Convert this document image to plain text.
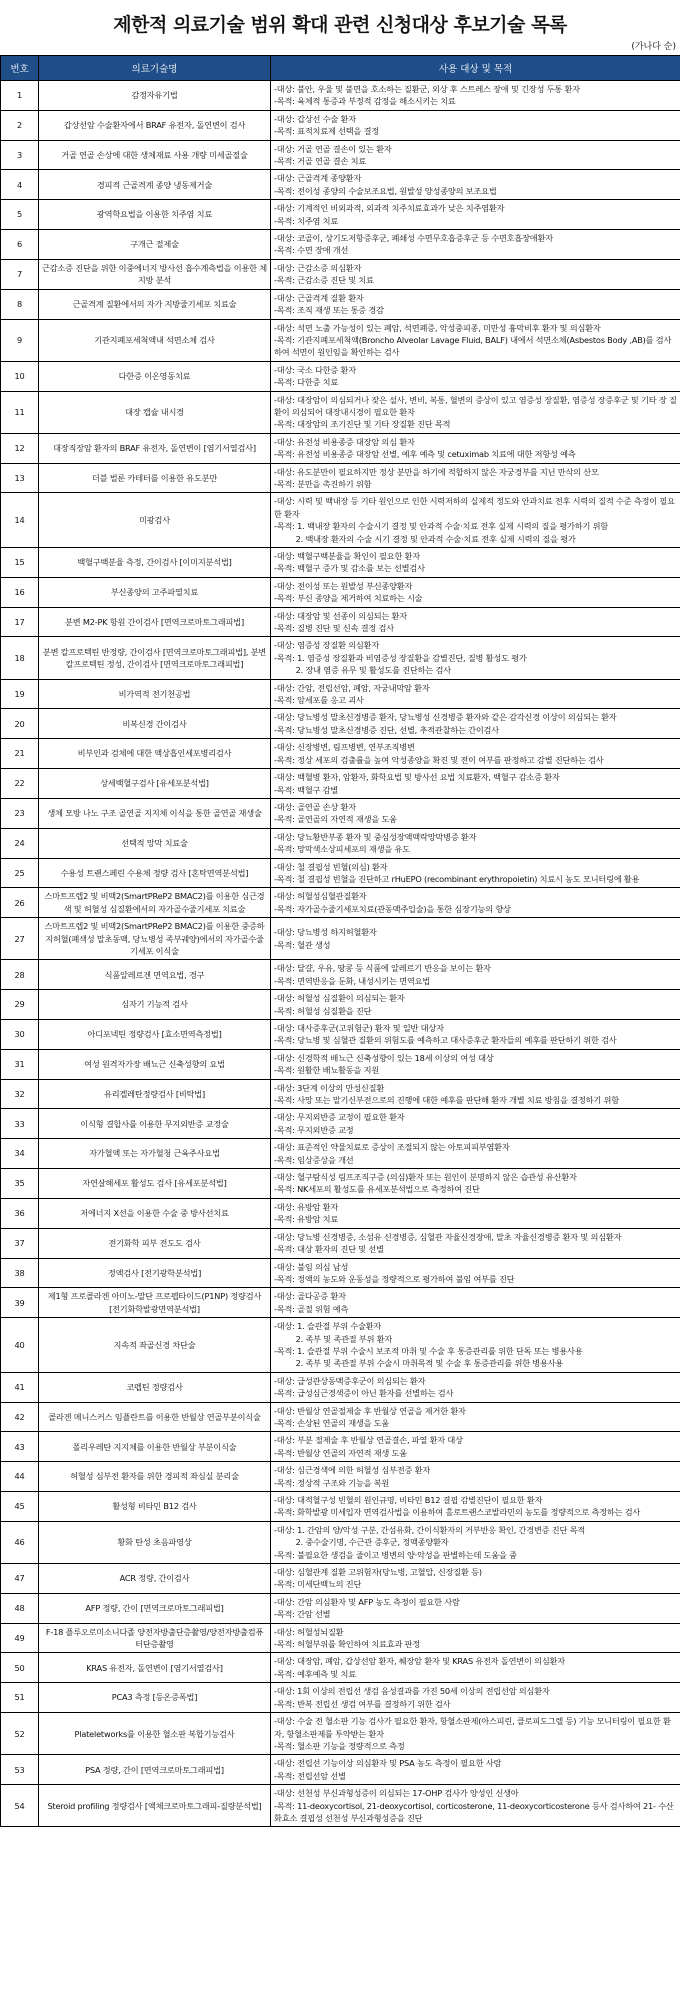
제한적 의료기술 범위 확대 관련 신청대상 후보기술 목록
(가나다 순)
번호	의료기술명	사용 대상 및 목적
1	감정자유기법	-대상: 불안, 우울 및 불면을 호소하는 질환군, 외상 후 스트레스 장애 및 긴장성 두통 환자
-목적: 육체적 통증과 부정적 감정을 해소시키는 치료

2	갑상선암 수술환자에서 BRAF 유전자, 돌연변이 검사	-대상: 갑상선 수술 환자
-목적: 표적치료제 선택을 결정

3	거골 연골 손상에 대한 생체재료 사용 개량 미세골절술	-대상: 거골 연골 결손이 있는 환자
-목적: 거골 연골 결손 치료

4	경피적 근골격계 종양 냉동제거술	-대상: 근골격계 종양환자
-목적: 전이성 종양의 수술보조요법, 원발성 양성종양의 보조요법

5	광역학요법을 이용한 치주염 치료	-대상: 기계적인 비외과적, 외과적 치주치료효과가 낮은 치주염환자
-목적: 치주염 치료

6	구개근 절제술	-대상: 코골이, 상기도저항증후군, 폐쇄성 수면무호흡증후군 등 수면호흡장애환자
-목적: 수면 장애 개선

7	근감소증 진단을 위한 이중에너지 방사선 흡수계측법을 이용한 체지방 분석	-대상: 근감소증 의심환자
-목적: 근감소증 진단 및 치료

8	근골격계 질환에서의 자가 지방줄기세포 치료술	-대상: 근골격계 질환 환자
-목적: 조직 재생 또는 통증 경감

9	기관지폐포세척액내 석면소체 검사	-대상: 석면 노출 가능성이 있는 폐암, 석면폐증, 악성중피종, 미만성 흉막비후 환자 및 의심환자
-목적: 기관지폐포세척액(Broncho Alveolar Lavage Fluid, BALF) 내에서 석면소체(Asbestos Body ,AB)를 검사하여 석면이 원인임을 확인하는 검사

10	다한증 이온영동치료	-대상: 국소 다한증 환자
-목적: 다한증 치료

11	대장 캡슐 내시경	-대상: 대장암이 의심되거나 잦은 설사, 변비, 복통, 혈변의 증상이 있고 염증성 장질환, 염증성 장증후군 및 기타 장 질환이 의심되어 대장내시경이 필요한 환자
-목적: 대장암의 조기진단 및 기타 장질환 진단 목적

12	대장직장암 환자의 BRAF 유전자, 돌연변이 [염기서열검사]	-대상: 유전성 비용종증 대장암 의심 환자
-목적: 유전성 비용종증 대장암 선별, 예후 예측 및 cetuximab 치료에 대한 저항성 예측

13	더블 벌룬 카테터를 이용한 유도분만	-대상: 유도분만이 필요하지만 정상 분만을 하기에 적합하지 않은 자궁경부를 지닌 만삭의 산모
-목적: 분만을 촉진하기 위함

14	미광검사	-대상: 시력 및 백내장 등 기타 원인으로 인한 시력저하의 실제적 정도와 안과치료 전후 시력의 질적 수준 측정이 필요한 환자
-목적: 1. 백내장 환자의 수술시기 결정 및 안과적 수술·치료 전후 실제 시력의 질을 평가하기 위함
2. 백내장 환자의 수술 시기 결정 및 안과적 수술·치료 전후 실제 시력의 질을 평가

15	백혈구백분율 측정, 간이검사 [이미지분석법]	-대상: 백혈구백분율을 확인이 필요한 환자
-목적: 백혈구 증가 및 감소를 보는 선별검사

16	부신종양의 고주파열치료	-대상: 전이성 또는 원발성 부신종양환자
-목적: 부신 종양을 제거하여 치료하는 시술

17	분변 M2-PK 항원 간이검사 [면역크로마토그래피법]	-대상: 대장암 및 선종이 의심되는 환자
-목적: 질병 진단 및 신속 결정 검사

18	분변 칼프로텍틴 반정량, 간이검사 [면역크로마토그래피법], 분변 칼프로텍틴 정성, 간이검사 [면역크로마토그래피법]	-대상: 염증성 장질환 의심환자
-목적: 1. 염증성 장질환과 비염증성 장질환을 감별진단, 질병 활성도 평가
2. 장내 염증 유무 및 활성도를 진단하는 검사

19	비가역적 전기천공법	-대상: 간암, 전립선암, 폐암, 자궁내막암 환자
-목적: 암세포를 응고 괴사

20	비복신경 간이검사	-대상: 당뇨병성 말초신경병증 환자, 당뇨병성 신경병증 환자와 같은 감각신경 이상이 의심되는 환자
-목적: 당뇨병성 말초신경병증 진단, 선별, 추적관찰하는 간이검사

21	비부인과 검체에 대한 액상흡인세포병리검사	-대상: 신장병변, 림프병변, 연부조직병변
-목적: 정상 세포의 검출률을 높여 악성종양을 확진 및 전이 여부를 판정하고 감별 진단하는 검사

22	상세백혈구검사 [유세포분석법]	-대상: 백혈병 환자, 암환자, 화학요법 및 방사선 요법 치료환자, 백혈구 감소증 환자
-목적: 백혈구 감별

23	생체 모방 나노 구조 골연골 지지체 이식을 통한 골연골 재생술	-대상: 골연골 손상 환자
-목적: 골연골의 자연적 재생을 도움

24	선택적 망막 치료술	-대상: 당뇨황반부종 환자 및 중심성장액맥락망막병증 환자
-목적: 망막색소상피세포의 재생을 유도

25	수용성 트랜스페린 수용체 정량 검사 [혼탁면역분석법]	-대상: 철 결핍성 빈혈(의심) 환자
-목적: 철 결핍성 빈혈을 진단하고 rHuEPO (recombinant erythropoietin) 치료시 농도 모니터링에 활용

26	스마트프렙2 및 비맥2(SmartPReP2 BMAC2)를 이용한 심근경색 및 허혈성 심질환에서의 자가골수줄기세포 치료술	-대상: 허혈성심혈관질환자
-목적: 자가골수줄기세포치료(관동맥주입술)을 통한 심장기능의 향상

27	스마트프렙2 및 비맥2(SmartPReP2 BMAC2)를 이용한 중증하지허혈(폐색성 말초동맥, 당뇨병성 족부궤양)에서의 자가골수줄기세포 이식술	-대상: 당뇨병성 하지허혈환자
-목적: 혈관 생성

28	식품알레르겐 면역요법, 경구	-대상: 달걀, 우유, 땅콩 등 식품에 알레르기 반응을 보이는 환자
-목적: 면역반응을 둔화, 내성시키는 면역요법

29	심자기 기능적 검사	-대상: 허혈성 심질환이 의심되는 환자
-목적: 허혈성 심질환을 진단

30	아디포넥틴 정량검사 [효소면역측정법]	-대상: 대사증후군(고위험군) 환자 및 일반 대상자
-목적: 당뇨병 및 심혈관 질환의 위험도를 예측하고 대사증후군 환자들의 예후를 판단하기 위한 검사

31	여성 원격자가장 배뇨근 신축성향의 요법	-대상: 신경학적 배뇨근 신축성향이 있는 18세 이상의 여성 대상
-목적: 원활한 배뇨활동을 지원

32	유리겔레탄정량검사 [비탁법]	-대상: 3단계 이상의 만성신질환
-목적: 사망 또는 말기신부전으로의 진행에 대한 예후를 판단해 환자 개별 치료 방침을 결정하기 위함

33	이식형 결합사를 이용한 무지외반증 교정술	-대상: 무지외반증 교정이 필요한 환자
-목적: 무지외반증 교정

34	자가혈액 또는 자가혈청 근육주사요법	-대상: 표준적인 약물치료로 증상이 조절되지 않는 아토피피부염환자
-목적: 임상증상을 개선

35	자연살해세포 활성도 검사 [유세포분석법]	-대상: 혈구탐식성 림프조직구증 (의심)환자 또는 원인이 분명하지 않은 습관성 유산환자
-목적: NK세포의 활성도를 유세포분석법으로 측정하여 진단

36	저에너지 X선을 이용한 수술 중 방사선치료	-대상: 유방암 환자
-목적: 유방암 치료

37	전기화학 피부 전도도 검사	-대상: 당뇨병 신경병증, 소섬유 신경병증, 심혈관 자율신경장애, 말초 자율신경병증 환자 및 의심환자
-목적: 대상 환자의 진단 및 선별

38	정액검사 [전기광학분석법]	-대상: 불임 의심 남성
-목적: 정액의 농도와 운동성을 정량적으로 평가하여 불임 여부를 진단

39	제1형 프로콜라겐 아미노-말단 프로펩타이드(P1NP) 정량검사 [전기화학발광면역분석법]	-대상: 골다공증 환자
-목적: 골절 위험 예측

40	지속적 좌골신경 차단술	-대상: 1. 슬관절 부위 수술환자
2. 족부 및 족관절 부위 환자
-목적: 1. 슬관절 부위 수술시 보조적 마취 및 수술 후 통증관리를 위한 단독 또는 병용사용
2. 족부 및 족관절 부위 수술시 마취목적 및 수술 후 통증관리를 위한 병용사용

41	코펩틴 정량검사	-대상: 급성관상동맥증후군이 의심되는 환자
-목적: 급성심근경색증이 아닌 환자를 선별하는 검사

42	콜라겐 메니스커스 임플란트를 이용한 반월상 연골부분이식술	-대상: 반월상 연골절제술 후 반월상 연골을 제거한 환자
-목적: 손상된 연골의 재생을 도움

43	폴리우레탄 지지체를 이용한 반월상 부분이식술	-대상: 부분 절제술 후 반월상 연골결손, 파열 환자 대상
-목적: 반월상 연골의 자연적 재생 도움

44	허혈성 심부전 환자를 위한 경피적 좌심실 분리술	-대상: 심근경색에 의한 허혈성 심부전증 환자
-목적: 정상적 구조와 기능을 복원

45	활성형 비타민 B12 검사	-대상: 대적혈구성 빈혈의 원인규명, 비타민 B12 결핍 감별진단이 필요한 환자
-목적: 화학발광 미세입자 면역검사법을 이용하여 홀로트랜스코발라민의 농도를 정량적으로 측정하는 검사

46	황화 탄성 초음파영상	-대상: 1. 간암의 양/악성 구분, 간섬유화, 간이식환자의 거부반응 확인, 간경변증 진단 목적
2. 중수술기명, 수근관 증후군, 정맥종양환자
-목적: 불필요한 생검을 줄이고 병변의 양·악성을 판별하는데 도움을 줌

47	ACR 정량, 간이검사	-대상: 심혈관계 질환 고위험자(당뇨병, 고혈압, 신장질환 등)
-목적: 미세단백뇨의 진단

48	AFP 정량, 간이 [면역크로마토그래피법]	-대상: 간암 의심환자 및 AFP 농도 측정이 필요한 사람
-목적: 간암 선별

49	F-18 플루오로미소니다졸 양전자방출단층촬영/양전자방출컴퓨터단층촬영	-대상: 허혈성뇌질환
-목적: 허혈부위를 확인하여 치료효과 판정

50	KRAS 유전자, 돌연변이 [염기서열검사]	-대상: 대장암, 폐암, 갑상선암 환자, 췌장암 환자 및 KRAS 유전자 돌연변이 의심환자
-목적: 예후예측 및 치료

51	PCA3 측정 [등온증폭법]	-대상: 1회 이상의 전립선 생검 음성결과를 가진 50세 이상의 전립선암 의심환자
-목적: 반복 전립선 생검 여부를 결정하기 위한 검사

52	Plateletworks를 이용한 혈소판 복합기능검사	-대상: 수술 전 혈소판 기능 검사가 필요한 환자, 항혈소판제(아스피린, 클로피도그렐 등) 기능 모니터링이 필요한 환자, 항혈소판제를 투약받는 환자
-목적: 혈소판 기능을 정량적으로 측정

53	PSA 정량, 간이 [면역크로마토그래피법]	-대상: 전립선 기능이상 의심환자 및 PSA 농도 측정이 필요한 사람
-목적: 전립선암 선별

54	Steroid profiling 정량검사 [액체크로마토그래피-질량분석법]	-대상: 선천성 부신과형성증이 의심되는 17-OHP 검사가 양성인 신생아
-목적: 11-deoxycortisol, 21-deoxycortisol, corticosterone, 11-deoxycorticosterone 등사 검사하여 21- 수산화효소 결핍성 선천성 부신과형성증을 진단
